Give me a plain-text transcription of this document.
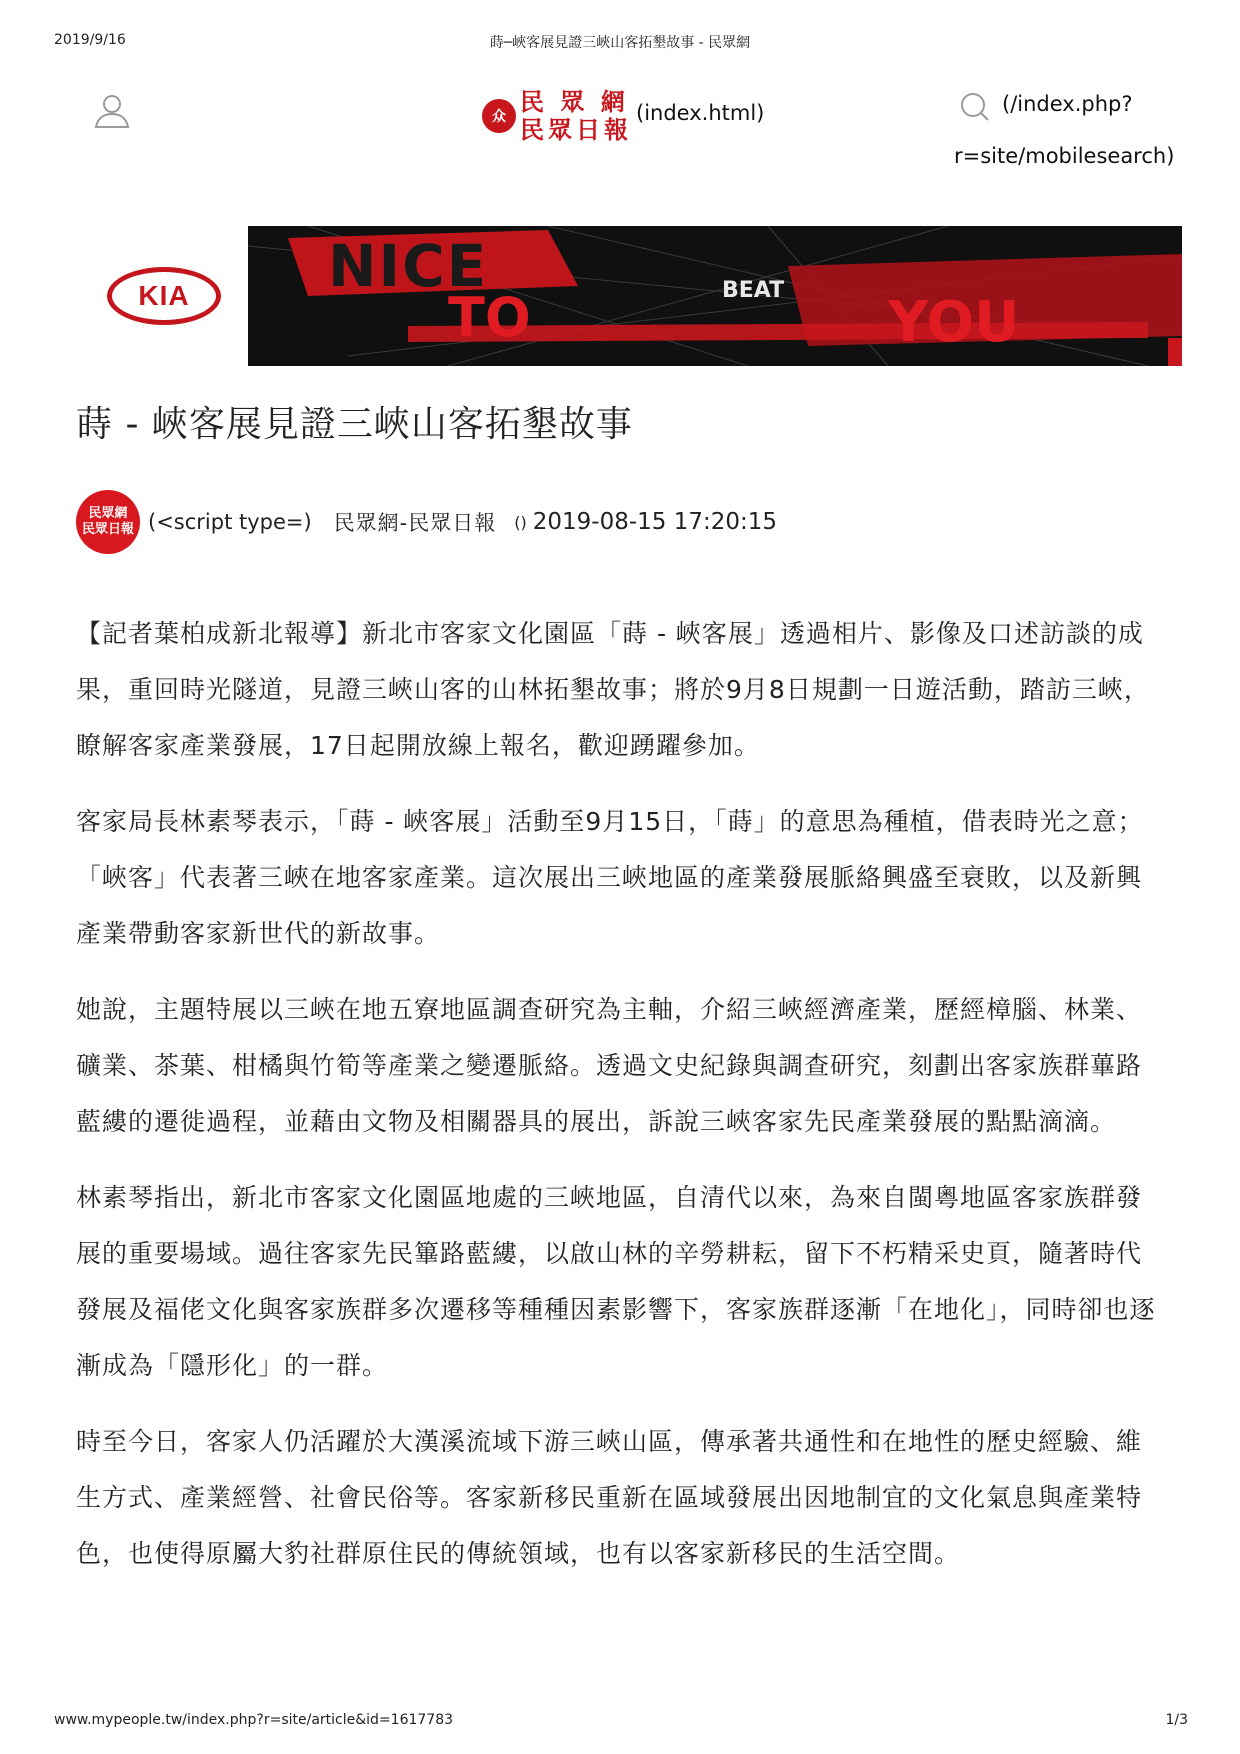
2019/9/16	蒔─峽客展見證三峽山客拓墾故事 - 民眾網
众
民 眾 網
民眾日報
(index.html)	(/index.php?
r=site/mobilesearch)
KIA	NICE
TO	BEAT YOU
蒔 - 峽客展見證三峽山客拓墾故事
民眾網
民眾日報 (<script type=) 民眾網-民眾日報 () 2019-08-15 17:20:15

【記者葉柏成新北報導】新北市客家文化園區「蒔 - 峽客展」透過相片、影像及口述訪談的成果，重回時光隧道，見證三峽山客的山林拓墾故事；將於9月8日規劃一日遊活動，踏訪三峽，瞭解客家產業發展，17日起開放線上報名，歡迎踴躍參加。

客家局長林素琴表示，「蒔 - 峽客展」活動至9月15日，「蒔」的意思為種植，借表時光之意；「峽客」代表著三峽在地客家產業。這次展出三峽地區的產業發展脈絡興盛至衰敗，以及新興產業帶動客家新世代的新故事。

她說，主題特展以三峽在地五寮地區調查研究為主軸，介紹三峽經濟產業，歷經樟腦、林業、礦業、茶葉、柑橘與竹筍等產業之變遷脈絡。透過文史紀錄與調查研究，刻劃出客家族群蓽路藍縷的遷徙過程，並藉由文物及相關器具的展出，訴說三峽客家先民產業發展的點點滴滴。

林素琴指出，新北市客家文化園區地處的三峽地區，自清代以來，為來自閩粵地區客家族群發展的重要場域。過往客家先民篳路藍縷，以啟山林的辛勞耕耘，留下不朽精采史頁，隨著時代發展及福佬文化與客家族群多次遷移等種種因素影響下，客家族群逐漸「在地化」，同時卻也逐漸成為「隱形化」的一群。

時至今日，客家人仍活躍於大漢溪流域下游三峽山區，傳承著共通性和在地性的歷史經驗、維生方式、產業經營、社會民俗等。客家新移民重新在區域發展出因地制宜的文化氣息與產業特色，也使得原屬大豹社群原住民的傳統領域，也有以客家新移民的生活空間。

www.mypeople.tw/index.php?r=site/article&id=1617783	1/3
